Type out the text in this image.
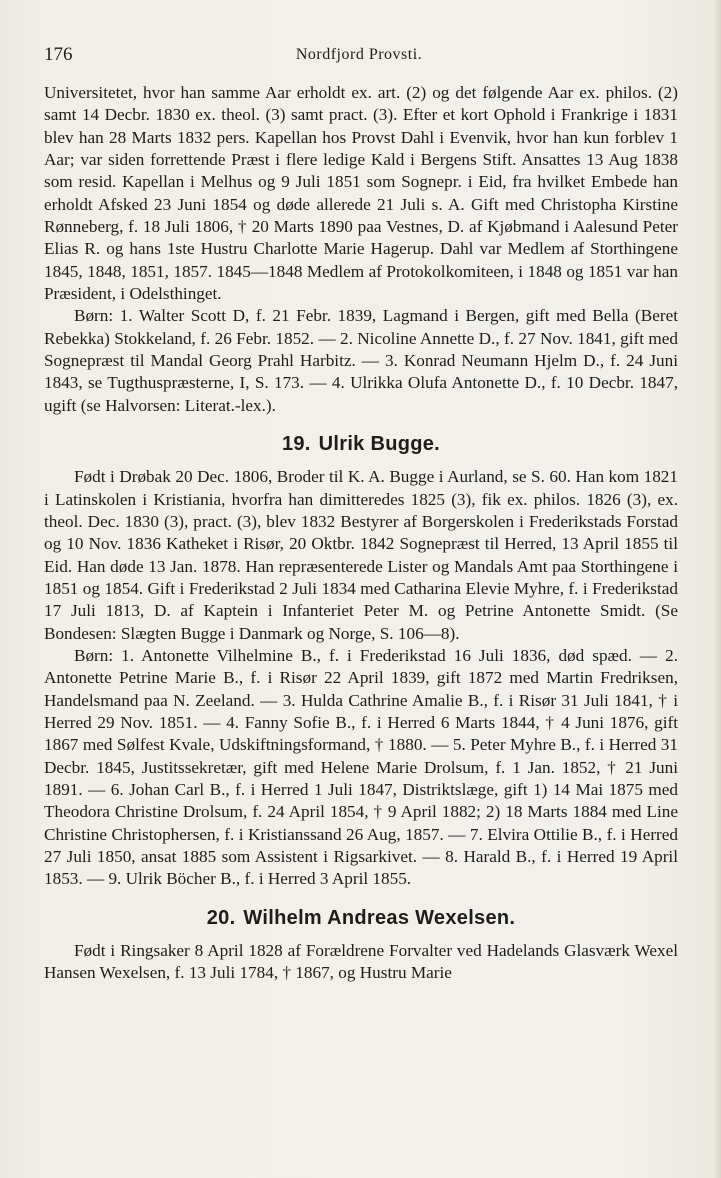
176	Nordfjord Provsti.

Universitetet, hvor han samme Aar erholdt ex. art. (2) og det følgende Aar ex. philos. (2) samt 14 Decbr. 1830 ex. theol. (3) samt pract. (3). Efter et kort Ophold i Frankrige i 1831 blev han 28 Marts 1832 pers. Kapellan hos Provst Dahl i Evenvik, hvor han kun forblev 1 Aar; var siden forrettende Præst i flere ledige Kald i Bergens Stift. Ansattes 13 Aug 1838 som resid. Kapellan i Melhus og 9 Juli 1851 som Sognepr. i Eid, fra hvilket Embede han erholdt Afsked 23 Juni 1854 og døde allerede 21 Juli s. A. Gift med Christopha Kirstine Rønneberg, f. 18 Juli 1806, † 20 Marts 1890 paa Vestnes, D. af Kjøbmand i Aalesund Peter Elias R. og hans 1ste Hustru Charlotte Marie Hagerup. Dahl var Medlem af Storthingene 1845, 1848, 1851, 1857. 1845—1848 Medlem af Protokolkomiteen, i 1848 og 1851 var han Præsident, i Odelsthinget.

Børn: 1. Walter Scott D, f. 21 Febr. 1839, Lagmand i Bergen, gift med Bella (Beret Rebekka) Stokkeland, f. 26 Febr. 1852. — 2. Nicoline Annette D., f. 27 Nov. 1841, gift med Sognepræst til Mandal Georg Prahl Harbitz. — 3. Konrad Neumann Hjelm D., f. 24 Juni 1843, se Tugthuspræsterne, I, S. 173. — 4. Ulrikka Olufa Antonette D., f. 10 Decbr. 1847, ugift (se Halvorsen: Literat.-lex.).

19. Ulrik Bugge.

Født i Drøbak 20 Dec. 1806, Broder til K. A. Bugge i Aurland, se S. 60. Han kom 1821 i Latinskolen i Kristiania, hvorfra han dimitteredes 1825 (3), fik ex. philos. 1826 (3), ex. theol. Dec. 1830 (3), pract. (3), blev 1832 Bestyrer af Borgerskolen i Frederikstads Forstad og 10 Nov. 1836 Katheket i Risør, 20 Oktbr. 1842 Sognepræst til Herred, 13 April 1855 til Eid. Han døde 13 Jan. 1878. Han repræsenterede Lister og Mandals Amt paa Storthingene i 1851 og 1854. Gift i Frederikstad 2 Juli 1834 med Catharina Elevie Myhre, f. i Frederikstad 17 Juli 1813, D. af Kaptein i Infanteriet Peter M. og Petrine Antonette Smidt. (Se Bondesen: Slægten Bugge i Danmark og Norge, S. 106—8).

Børn: 1. Antonette Vilhelmine B., f. i Frederikstad 16 Juli 1836, død spæd. — 2. Antonette Petrine Marie B., f. i Risør 22 April 1839, gift 1872 med Martin Fredriksen, Handelsmand paa N. Zeeland. — 3. Hulda Cathrine Amalie B., f. i Risør 31 Juli 1841, † i Herred 29 Nov. 1851. — 4. Fanny Sofie B., f. i Herred 6 Marts 1844, † 4 Juni 1876, gift 1867 med Sølfest Kvale, Udskiftningsformand, † 1880. — 5. Peter Myhre B., f. i Herred 31 Decbr. 1845, Justitssekretær, gift med Helene Marie Drolsum, f. 1 Jan. 1852, † 21 Juni 1891. — 6. Johan Carl B., f. i Herred 1 Juli 1847, Distriktslæge, gift 1) 14 Mai 1875 med Theodora Christine Drolsum, f. 24 April 1854, † 9 April 1882; 2) 18 Marts 1884 med Line Christine Christophersen, f. i Kristianssand 26 Aug, 1857. — 7. Elvira Ottilie B., f. i Herred 27 Juli 1850, ansat 1885 som Assistent i Rigsarkivet. — 8. Harald B., f. i Herred 19 April 1853. — 9. Ulrik Böcher B., f. i Herred 3 April 1855.

20. Wilhelm Andreas Wexelsen.

Født i Ringsaker 8 April 1828 af Forældrene Forvalter ved Hadelands Glasværk Wexel Hansen Wexelsen, f. 13 Juli 1784, † 1867, og Hustru Marie
